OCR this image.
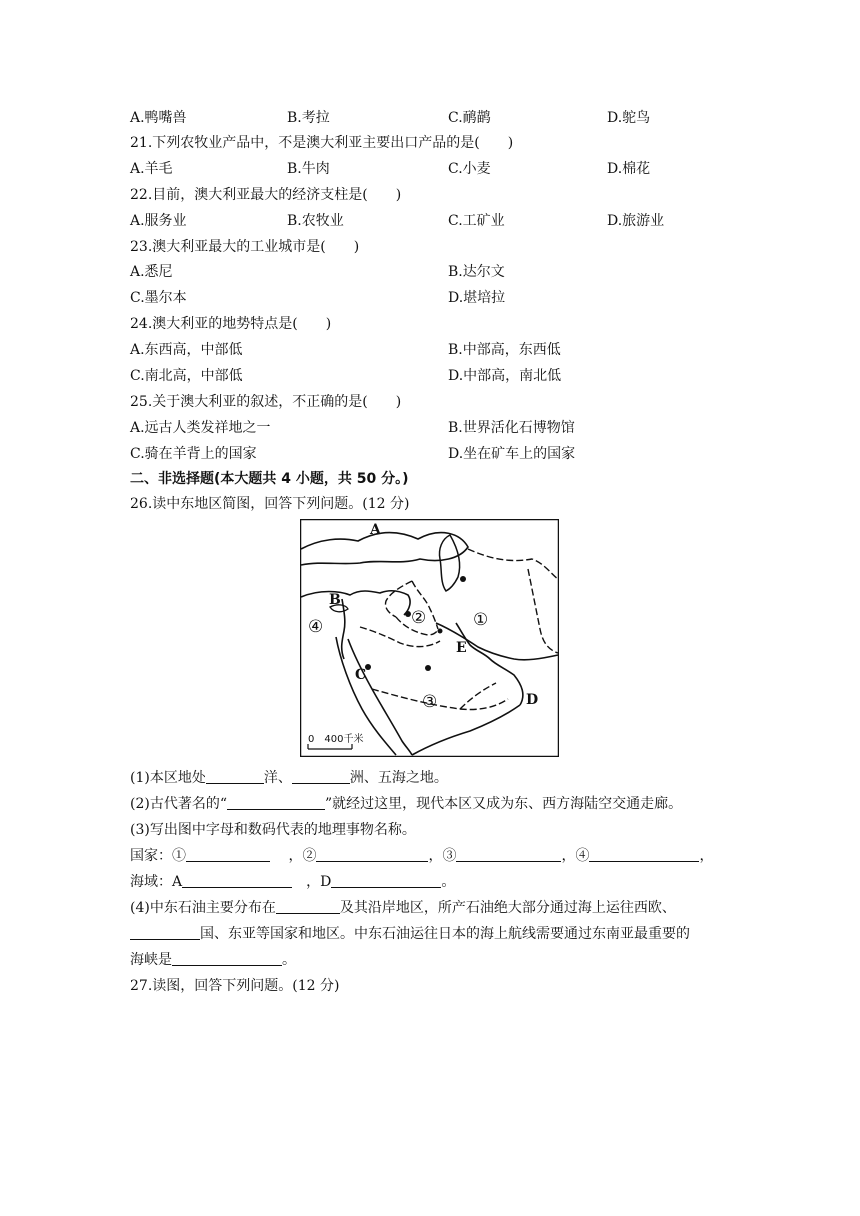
A.鸭嘴兽	B.考拉	C.鸸鹋	D.鸵鸟
21.下列农牧业产品中，不是澳大利亚主要出口产品的是(　　)
A.羊毛	B.牛肉	C.小麦	D.棉花
22.目前，澳大利亚最大的经济支柱是(　　)
A.服务业	B.农牧业	C.工矿业	D.旅游业
23.澳大利亚最大的工业城市是(　　)
A.悉尼	B.达尔文
C.墨尔本	D.堪培拉
24.澳大利亚的地势特点是(　　)
A.东西高，中部低	B.中部高，东西低
C.南北高，中部低	D.中部高，南北低
25.关于澳大利亚的叙述，不正确的是(　　)
A.远古人类发祥地之一	B.世界活化石博物馆
C.骑在羊背上的国家	D.坐在矿车上的国家
二、非选择题(本大题共 4 小题，共 50 分。)
26.读中东地区简图，回答下列问题。(12 分)
A
B
C
D
E
①
②
③
④
0　400千米
(1)本区地处	洋、	洲、五海之地。
(2)古代著名的“	”就经过这里，现代本区又成为东、西方海陆空交通走廊。
(3)写出图中字母和数码代表的地理事物名称。
国家：①　	，②	，③	，④	，
海域：A　	，D	。
(4)中东石油主要分布在	及其沿岸地区，所产石油绝大部分通过海上运往西欧、
国、东亚等国家和地区。中东石油运往日本的海上航线需要通过东南亚最重要的
海峡是	。
27.读图，回答下列问题。(12 分)
